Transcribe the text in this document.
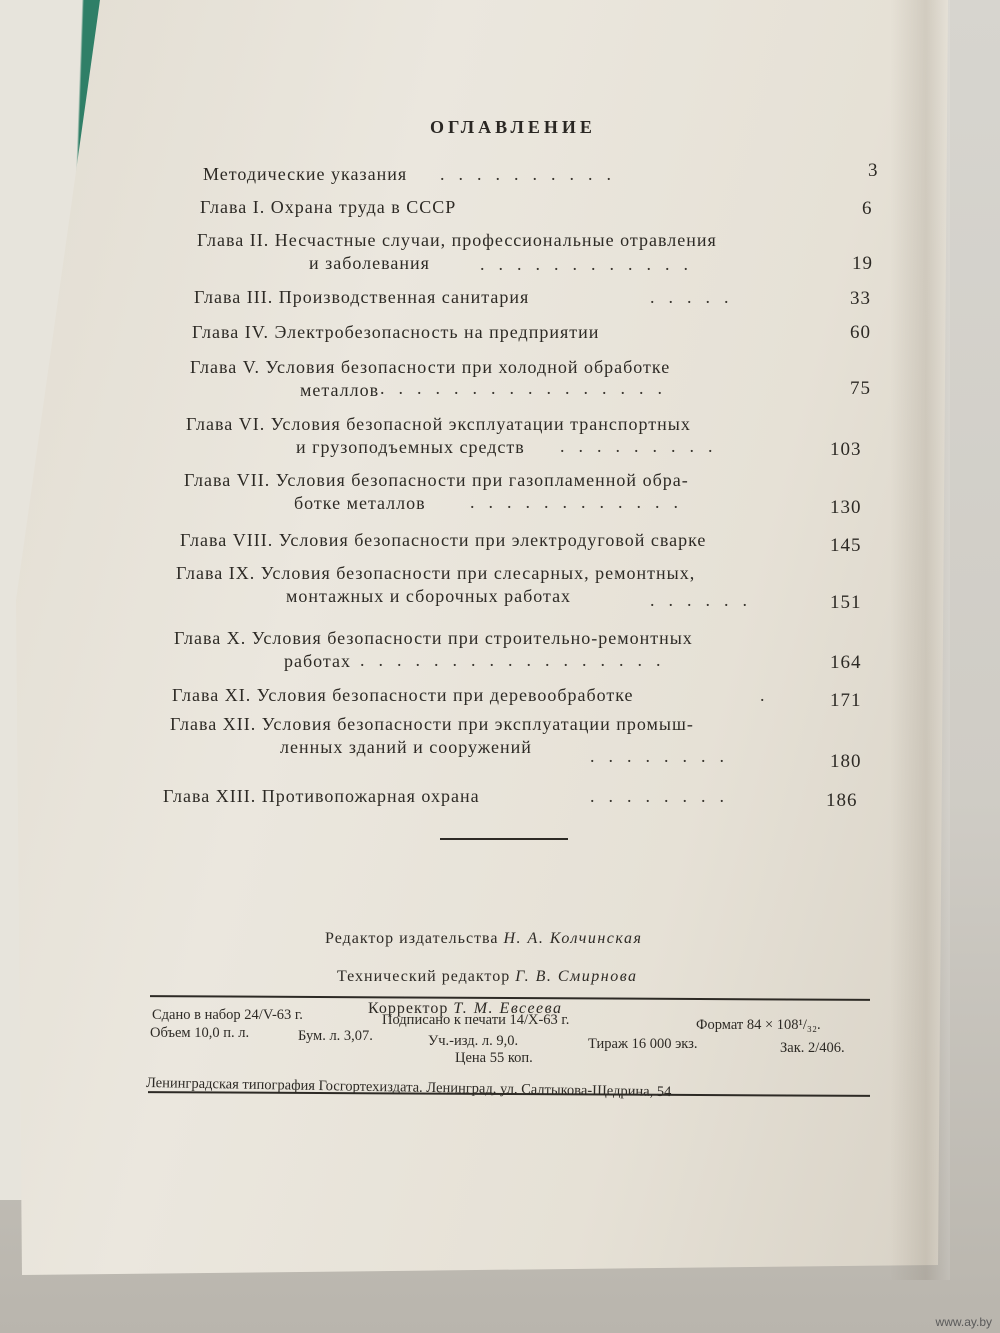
ОГЛАВЛЕНИЕ
Методические указания ..........	3
Глава I. Охрана труда в СССР	6
Глава II. Несчастные случаи, профессиональные отравления
и заболевания	............	19
Глава III. Производственная санитария	.....	33
Глава IV. Электробезопасность на предприятии	60
Глава V. Условия безопасности при холодной обработке
металлов ................	75
Глава VI. Условия безопасной эксплуатации транспортных
и грузоподъемных средств .........	103
Глава VII. Условия безопасности при газопламенной обра-
ботке металлов ............	130
Глава VIII. Условия безопасности при электродуговой сварке	145
Глава IX. Условия безопасности при слесарных, ремонтных,
монтажных и сборочных работах	......	151
Глава X. Условия безопасности при строительно-ремонтных
работах .................	164
Глава XI. Условия безопасности при деревообработке	.	171
Глава XII. Условия безопасности при эксплуатации промыш-
ленных зданий и сооружений	........	180
Глава XIII. Противопожарная охрана	........	186
Редактор издательства Н. А. Колчинская
Технический редактор Г. В. Смирнова
Корректор Т. М. Евсеева
Сдано в набор 24/V-63 г.	Подписано к печати 14/X-63 г.	Формат 84 × 108¹/₃₂.
Объем 10,0 п. л.	Бум. л. 3,07.	Уч.-изд. л. 9,0.	Тираж 16 000 экз.	Зак. 2/406.
Цена 55 коп.
Ленинградская типография Госгортехиздата. Ленинград, ул. Салтыкова-Щедрина, 54
www.ay.by
